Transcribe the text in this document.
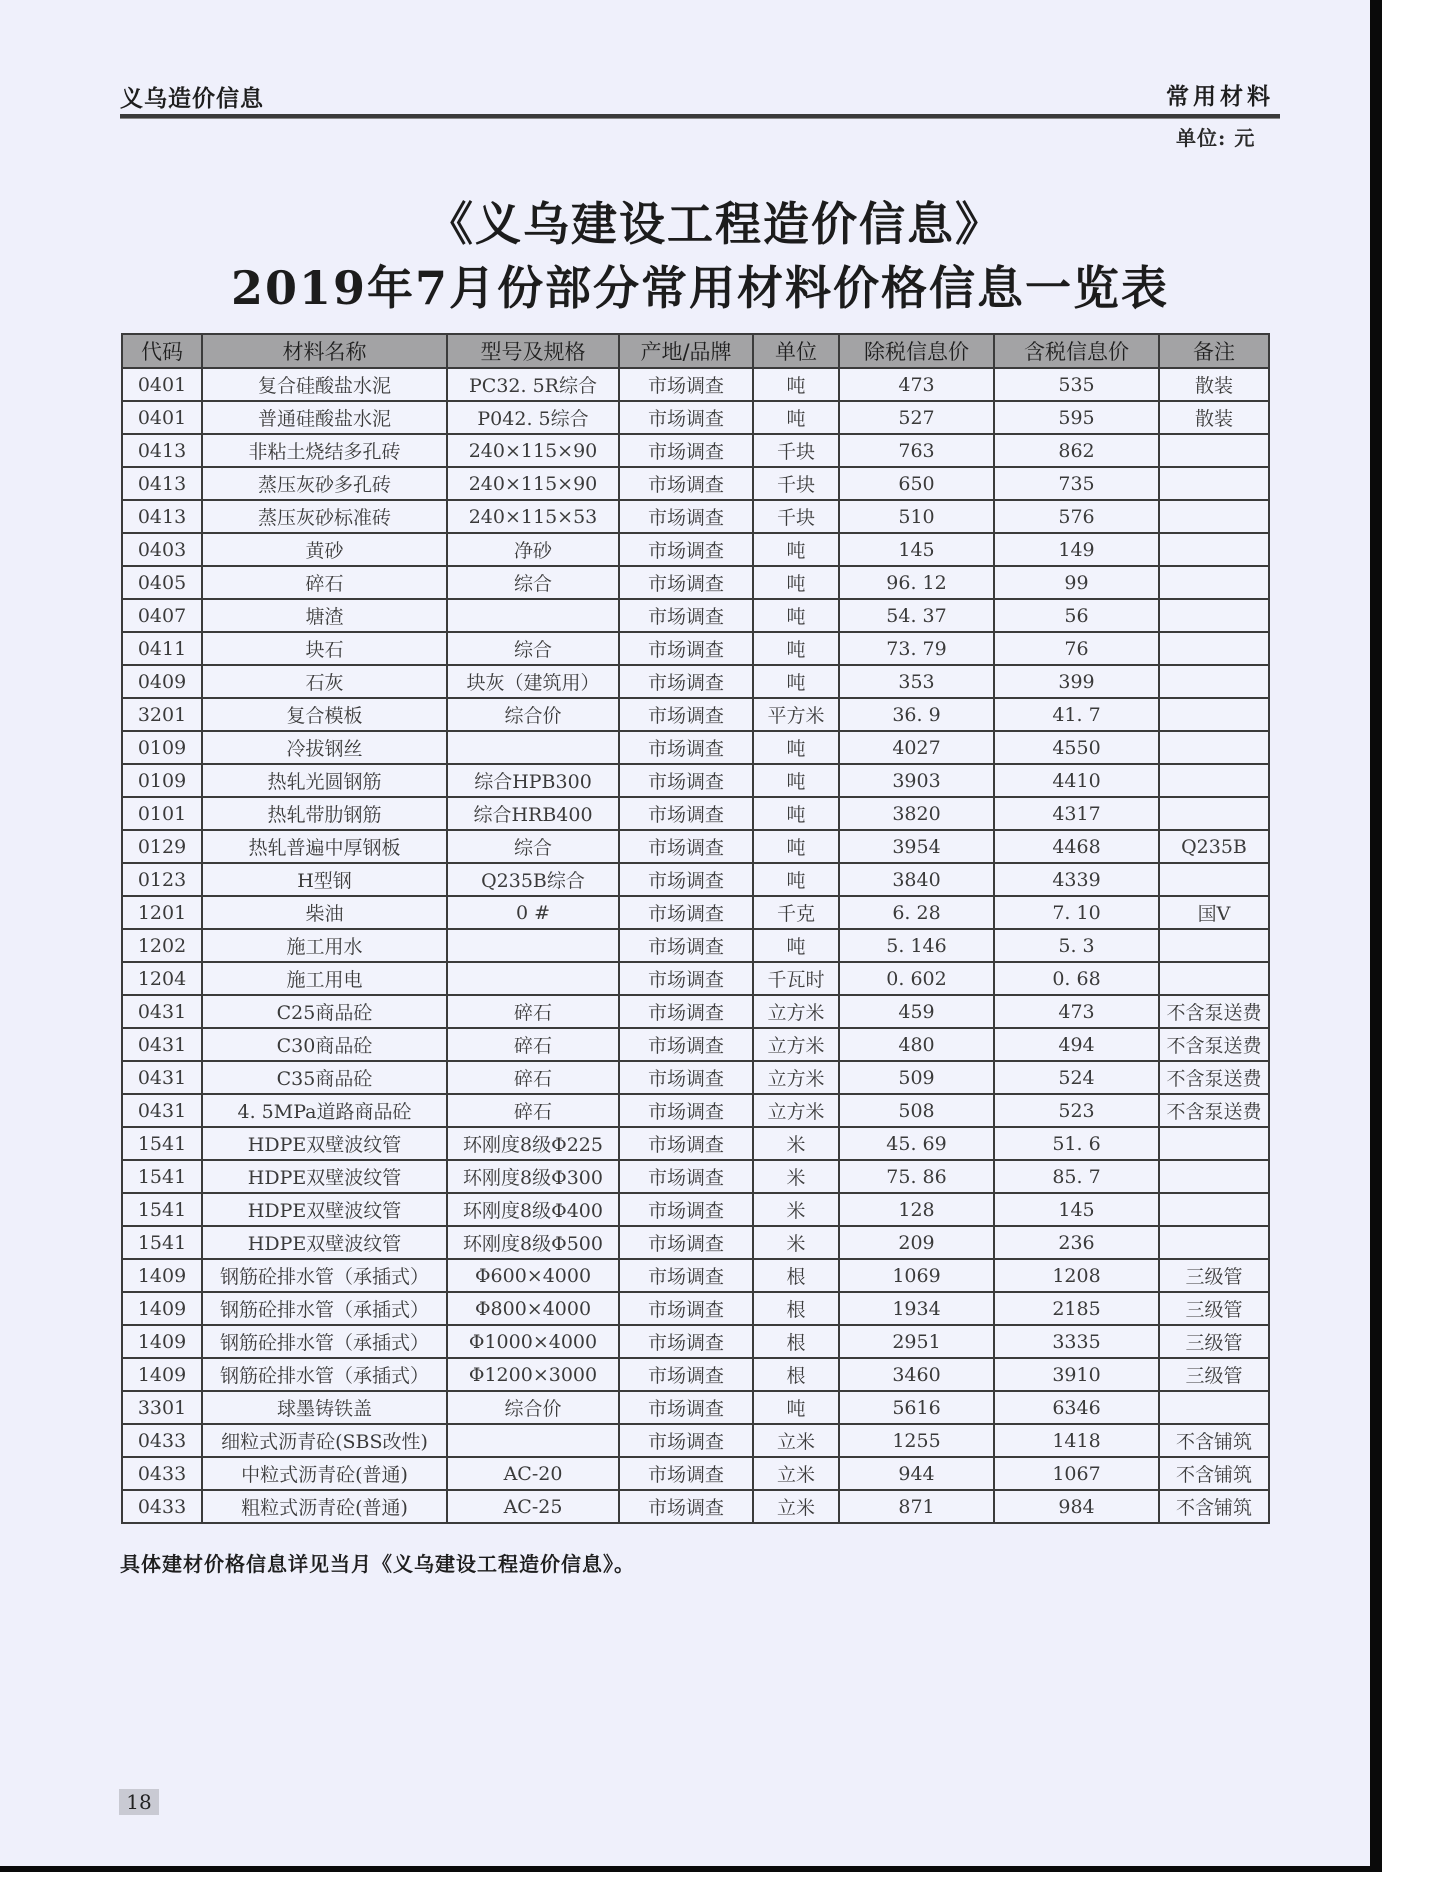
义乌造价信息	常用材料
单位: 元
《义乌建设工程造价信息》
2019年7月份部分常用材料价格信息一览表
代码	材料名称	型号及规格	产地/品牌	单位	除税信息价	含税信息价	备注
0401	复合硅酸盐水泥	PC32. 5R综合	市场调查	吨	473	535	散装
0401	普通硅酸盐水泥	P042. 5综合	市场调查	吨	527	595	散装
0413	非粘土烧结多孔砖	240×115×90	市场调查	千块	763	862	
0413	蒸压灰砂多孔砖	240×115×90	市场调查	千块	650	735	
0413	蒸压灰砂标准砖	240×115×53	市场调查	千块	510	576	
0403	黄砂	净砂	市场调查	吨	145	149	
0405	碎石	综合	市场调查	吨	96. 12	99	
0407	塘渣		市场调查	吨	54. 37	56	
0411	块石	综合	市场调查	吨	73. 79	76	
0409	石灰	块灰（建筑用）	市场调查	吨	353	399	
3201	复合模板	综合价	市场调查	平方米	36. 9	41. 7	
0109	冷拔钢丝		市场调查	吨	4027	4550	
0109	热轧光圆钢筋	综合HPB300	市场调查	吨	3903	4410	
0101	热轧带肋钢筋	综合HRB400	市场调查	吨	3820	4317	
0129	热轧普遍中厚钢板	综合	市场调查	吨	3954	4468	Q235B
0123	H型钢	Q235B综合	市场调查	吨	3840	4339	
1201	柴油	0 #	市场调查	千克	6. 28	7. 10	国V
1202	施工用水		市场调查	吨	5. 146	5. 3	
1204	施工用电		市场调查	千瓦时	0. 602	0. 68	
0431	C25商品砼	碎石	市场调查	立方米	459	473	不含泵送费
0431	C30商品砼	碎石	市场调查	立方米	480	494	不含泵送费
0431	C35商品砼	碎石	市场调查	立方米	509	524	不含泵送费
0431	4. 5MPa道路商品砼	碎石	市场调查	立方米	508	523	不含泵送费
1541	HDPE双壁波纹管	环刚度8级Φ225	市场调查	米	45. 69	51. 6	
1541	HDPE双壁波纹管	环刚度8级Φ300	市场调查	米	75. 86	85. 7	
1541	HDPE双壁波纹管	环刚度8级Φ400	市场调查	米	128	145	
1541	HDPE双壁波纹管	环刚度8级Φ500	市场调查	米	209	236	
1409	钢筋砼排水管（承插式）	Φ600×4000	市场调查	根	1069	1208	三级管
1409	钢筋砼排水管（承插式）	Φ800×4000	市场调查	根	1934	2185	三级管
1409	钢筋砼排水管（承插式）	Φ1000×4000	市场调查	根	2951	3335	三级管
1409	钢筋砼排水管（承插式）	Φ1200×3000	市场调查	根	3460	3910	三级管
3301	球墨铸铁盖	综合价	市场调查	吨	5616	6346	
0433	细粒式沥青砼(SBS改性)		市场调查	立米	1255	1418	不含铺筑
0433	中粒式沥青砼(普通)	AC-20	市场调查	立米	944	1067	不含铺筑
0433	粗粒式沥青砼(普通)	AC-25	市场调查	立米	871	984	不含铺筑
具体建材价格信息详见当月《义乌建设工程造价信息》。
18
